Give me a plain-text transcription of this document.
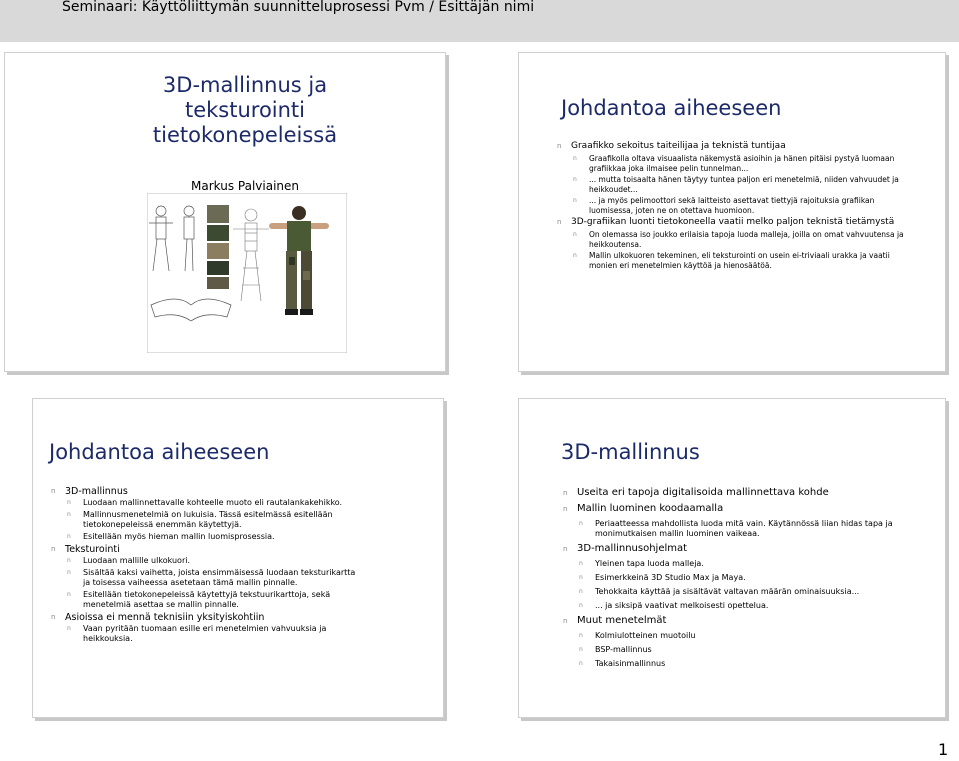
Seminaari: Käyttöliittymän suunnitteluprosessi Pvm / Esittäjän nimi
3D-mallinnus ja
teksturointi
tietokonepeleissä
Markus Palviainen
Johdantoa aiheeseen
n Graafikko sekoitus taiteilijaa ja teknistä tuntijaa
n Graafikolla oltava visuaalista näkemystä asioihin ja hänen pitäisi pystyä luomaan grafiikkaa joka ilmaisee pelin tunnelman...
n ... mutta toisaalta hänen täytyy tuntea paljon eri menetelmiä, niiden vahvuudet ja heikkoudet...
n ... ja myös pelimoottori sekä laitteisto asettavat tiettyjä rajoituksia grafiikan luomisessa, joten ne on otettava huomioon.
n 3D-grafiikan luonti tietokoneella vaatii melko paljon teknistä tietämystä
n On olemassa iso joukko erilaisia tapoja luoda malleja, joilla on omat vahvuutensa ja heikkoutensa.
n Mallin ulkokuoren tekeminen, eli teksturointi on usein ei-triviaali urakka ja vaatii monien eri menetelmien käyttöä ja hienosäätöä.
Johdantoa aiheeseen
n 3D-mallinnus
n Luodaan mallinnettavalle kohteelle muoto eli rautalankakehikko.
n Mallinnusmenetelmiä on lukuisia. Tässä esitelmässä esitellään tietokonepeleissä enemmän käytettyjä.
n Esitellään myös hieman mallin luomisprosessia.
n Teksturointi
n Luodaan mallille ulkokuori.
n Sisältää kaksi vaihetta, joista ensimmäisessä luodaan teksturikartta ja toisessa vaiheessa asetetaan tämä mallin pinnalle.
n Esitellään tietokonepeleissä käytettyjä tekstuurikarttoja, sekä menetelmiä asettaa se mallin pinnalle.
n Asioissa ei mennä teknisiin yksityiskohtiin
n Vaan pyritään tuomaan esille eri menetelmien vahvuuksia ja heikkouksia.
3D-mallinnus
n Useita eri tapoja digitalisoida mallinnettava kohde
n Mallin luominen koodaamalla
n Periaatteessa mahdollista luoda mitä vain. Käytännössä liian hidas tapa ja monimutkaisen mallin luominen vaikeaa.
n 3D-mallinnusohjelmat
n Yleinen tapa luoda malleja.
n Esimerkkeinä 3D Studio Max ja Maya.
n Tehokkaita käyttää ja sisältävät valtavan määrän ominaisuuksia...
n ... ja siksipä vaativat melkoisesti opettelua.
n Muut menetelmät
n Kolmiulotteinen muotoilu
n BSP-mallinnus
n Takaisinmallinnus
1
